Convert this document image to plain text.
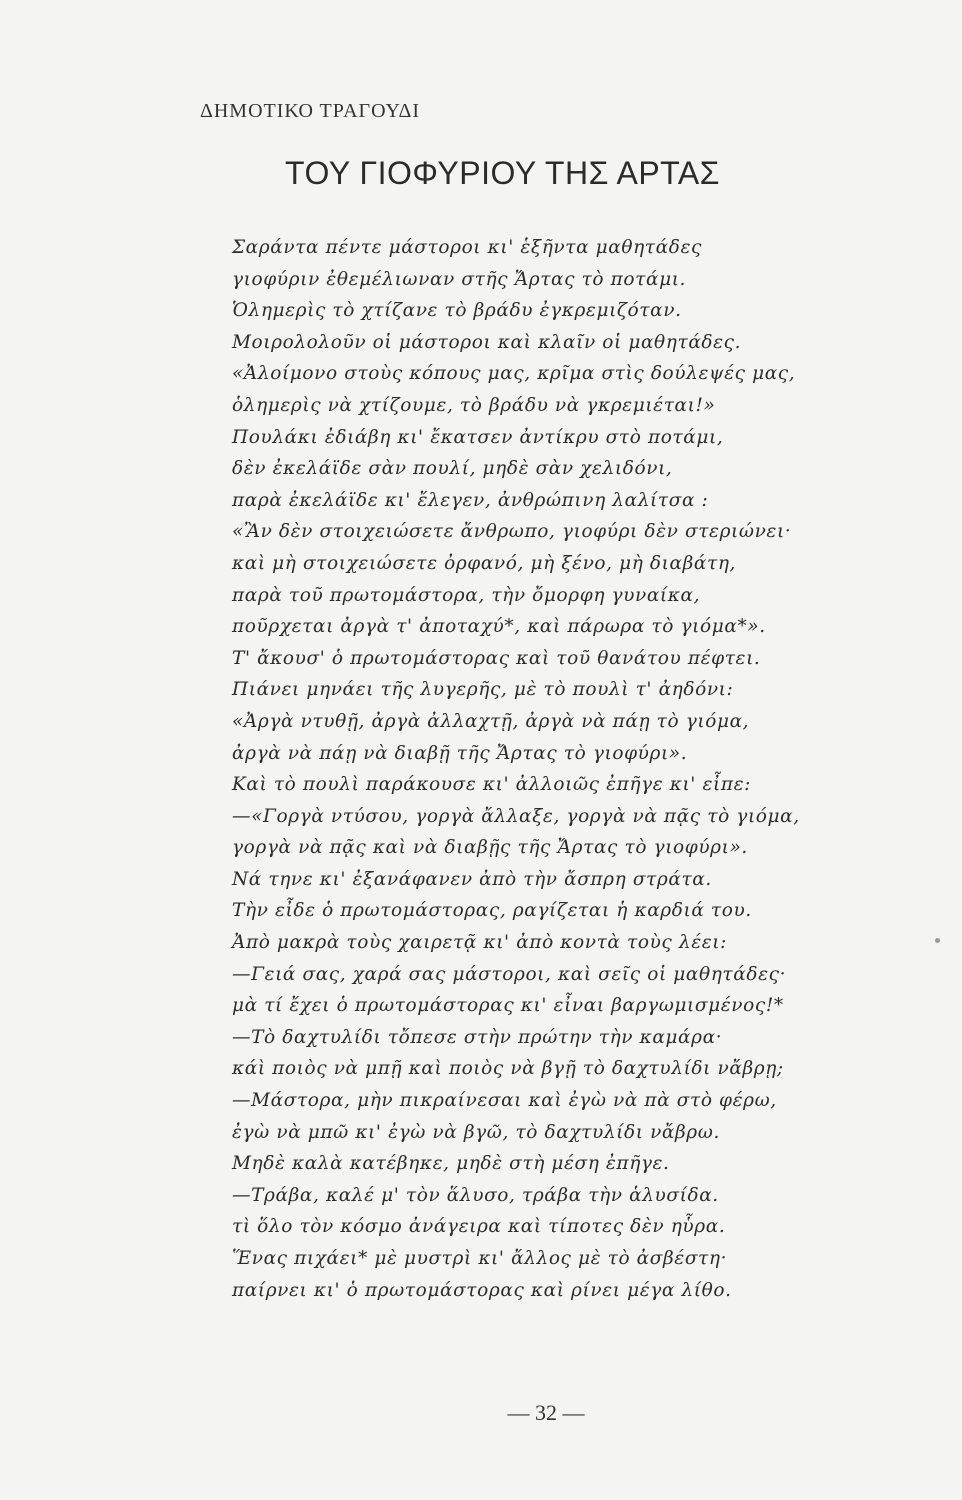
ΔΗΜΟΤΙΚΟ ΤΡΑΓΟΥΔΙ
ΤΟΥ ΓΙΟΦΥΡΙΟΥ ΤΗΣ ΑΡΤΑΣ
Σαράντα πέντε μάστοροι κι' ἑξῆντα μαθητάδες
γιοφύριν ἐθεμέλιωναν στῆς Ἄρτας τὸ ποτάμι.
Ὁλημερὶς τὸ χτίζανε τὸ βράδυ ἐγκρεμιζόταν.
Μοιρολολοῦν οἱ μάστοροι καὶ κλαῖν οἱ μαθητάδες.
«Ἀλοίμονο στοὺς κόπους μας, κρῖμα στὶς δούλεψές μας,
ὁλημερὶς νὰ χτίζουμε, τὸ βράδυ νὰ γκρεμιέται!»
Πουλάκι ἐδιάβη κι' ἔκατσεν ἀντίκρυ στὸ ποτάμι,
δὲν ἐκελάϊδε σὰν πουλί, μηδὲ σὰν χελιδόνι,
παρὰ ἐκελάϊδε κι' ἔλεγεν, ἀνθρώπινη λαλίτσα :
«Ἂν δὲν στοιχειώσετε ἄνθρωπο, γιοφύρι δὲν στεριώνει·
καὶ μὴ στοιχειώσετε ὀρφανό, μὴ ξένο, μὴ διαβάτη,
παρὰ τοῦ πρωτομάστορα, τὴν ὄμορφη γυναίκα,
ποῦρχεται ἀργὰ τ' ἀποταχύ*, καὶ πάρωρα τὸ γιόμα*».
Τ' ἄκουσ' ὁ πρωτομάστορας καὶ τοῦ θανάτου πέφτει.
Πιάνει μηνάει τῆς λυγερῆς, μὲ τὸ πουλὶ τ' ἀηδόνι:
«Ἀργὰ ντυθῇ, ἀργὰ ἀλλαχτῇ, ἀργὰ νὰ πάῃ τὸ γιόμα,
ἀργὰ νὰ πάῃ νὰ διαβῇ τῆς Ἄρτας τὸ γιοφύρι».
Καὶ τὸ πουλὶ παράκουσε κι' ἀλλοιῶς ἐπῆγε κι' εἶπε:
—«Γοργὰ ντύσου, γοργὰ ἄλλαξε, γοργὰ νὰ πᾷς τὸ γιόμα,
γοργὰ νὰ πᾷς καὶ νὰ διαβῇς τῆς Ἄρτας τὸ γιοφύρι».
Νά τηνε κι' ἐξανάφανεν ἀπὸ τὴν ἄσπρη στράτα.
Τὴν εἶδε ὁ πρωτομάστορας, ραγίζεται ἡ καρδιά του.
Ἀπὸ μακρὰ τοὺς χαιρετᾷ κι' ἀπὸ κοντὰ τοὺς λέει:
—Γειά σας, χαρά σας μάστοροι, καὶ σεῖς οἱ μαθητάδες·
μὰ τί ἔχει ὁ πρωτομάστορας κι' εἶναι βαργωμισμένος!*
—Τὸ δαχτυλίδι τὄπεσε στὴν πρώτην τὴν καμάρα·
κάὶ ποιὸς νὰ μπῇ καὶ ποιὸς νὰ βγῇ τὸ δαχτυλίδι νἄβρῃ;
—Μάστορα, μὴν πικραίνεσαι καὶ ἐγὼ νὰ πὰ στὸ φέρω,
ἐγὼ νὰ μπῶ κι' ἐγὼ νὰ βγῶ, τὸ δαχτυλίδι νἄβρω.
Μηδὲ καλὰ κατέβηκε, μηδὲ στὴ μέση ἐπῆγε.
—Τράβα, καλέ μ' τὸν ἅλυσο, τράβα τὴν ἁλυσίδα.
τὶ ὅλο τὸν κόσμο ἀνάγειρα καὶ τίποτες δὲν ηὗρα.
Ἕνας πιχάει* μὲ μυστρὶ κι' ἄλλος μὲ τὸ ἀσβέστη·
παίρνει κι' ὁ πρωτομάστορας καὶ ρίνει μέγα λίθο.
— 32 —
